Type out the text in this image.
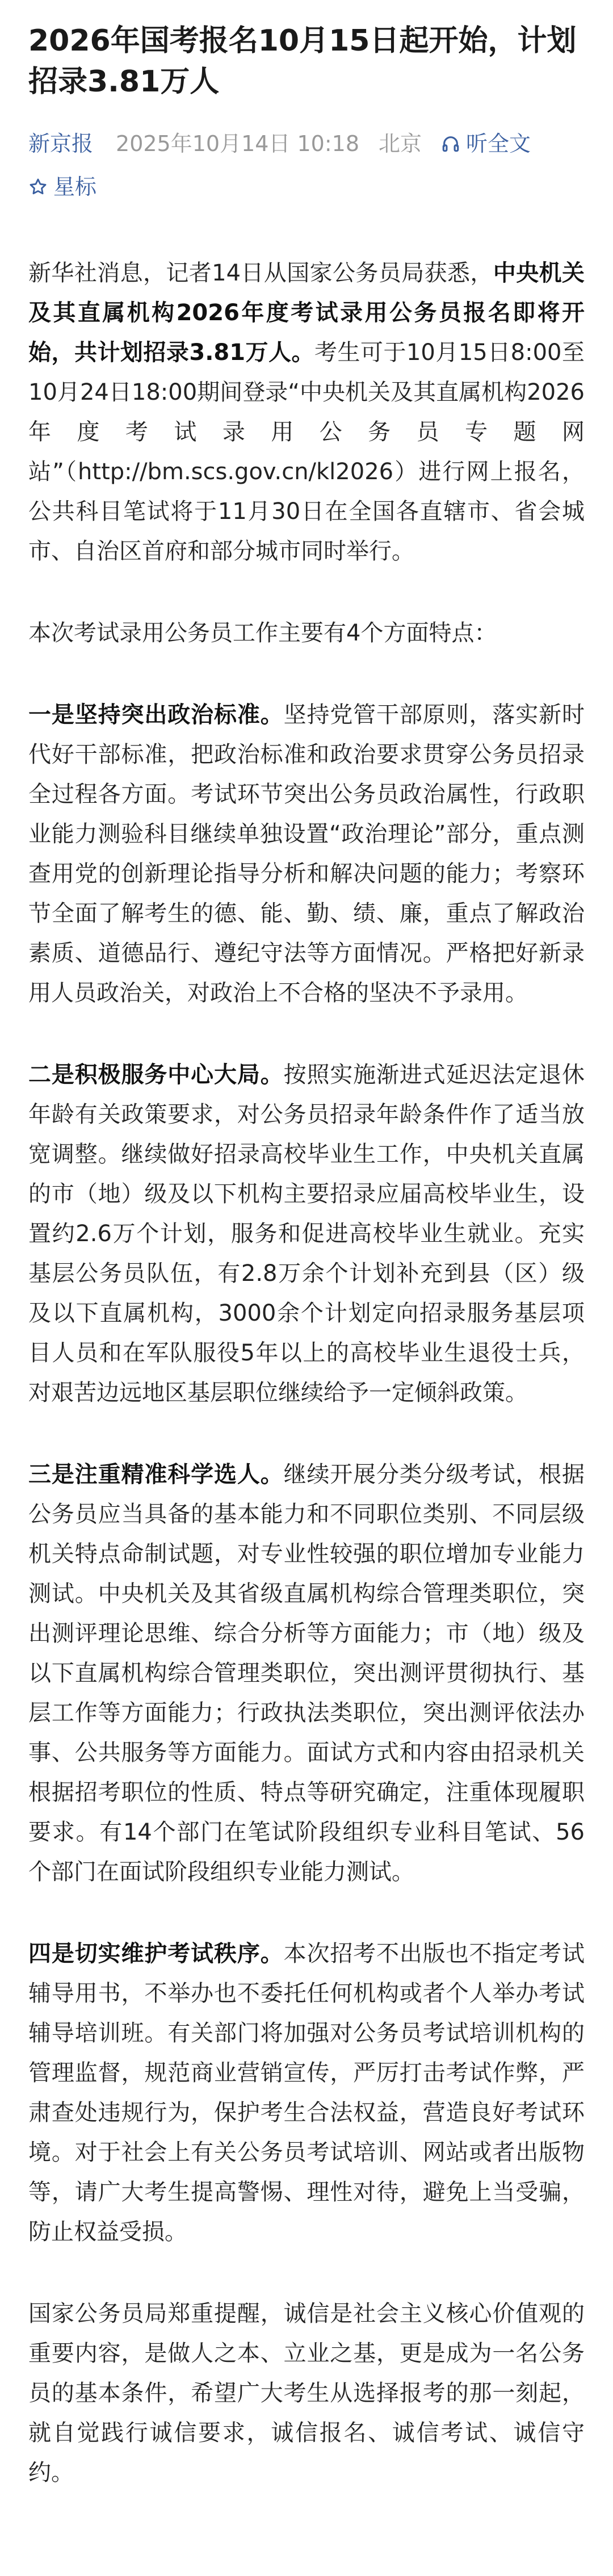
2026年国考报名10月15日起开始，计划招录3.81万人
新京报 2025年10月14日 10:18 北京 听全文
星标

新华社消息，记者14日从国家公务员局获悉，中央机关及其直属机构2026年度考试录用公务员报名即将开始，共计划招录3.81万人。考生可于10月15日8:00至10月24日18:00期间登录“中央机关及其直属机构2026年度考试录用公务员专题网站”（http://bm.scs.gov.cn/kl2026）进行网上报名，公共科目笔试将于11月30日在全国各直辖市、省会城市、自治区首府和部分城市同时举行。

本次考试录用公务员工作主要有4个方面特点：

一是坚持突出政治标准。坚持党管干部原则，落实新时代好干部标准，把政治标准和政治要求贯穿公务员招录全过程各方面。考试环节突出公务员政治属性，行政职业能力测验科目继续单独设置“政治理论”部分，重点测查用党的创新理论指导分析和解决问题的能力；考察环节全面了解考生的德、能、勤、绩、廉，重点了解政治素质、道德品行、遵纪守法等方面情况。严格把好新录用人员政治关，对政治上不合格的坚决不予录用。

二是积极服务中心大局。按照实施渐进式延迟法定退休年龄有关政策要求，对公务员招录年龄条件作了适当放宽调整。继续做好招录高校毕业生工作，中央机关直属的市（地）级及以下机构主要招录应届高校毕业生，设置约2.6万个计划，服务和促进高校毕业生就业。充实基层公务员队伍，有2.8万余个计划补充到县（区）级及以下直属机构，3000余个计划定向招录服务基层项目人员和在军队服役5年以上的高校毕业生退役士兵，对艰苦边远地区基层职位继续给予一定倾斜政策。

三是注重精准科学选人。继续开展分类分级考试，根据公务员应当具备的基本能力和不同职位类别、不同层级机关特点命制试题，对专业性较强的职位增加专业能力测试。中央机关及其省级直属机构综合管理类职位，突出测评理论思维、综合分析等方面能力；市（地）级及以下直属机构综合管理类职位，突出测评贯彻执行、基层工作等方面能力；行政执法类职位，突出测评依法办事、公共服务等方面能力。面试方式和内容由招录机关根据招考职位的性质、特点等研究确定，注重体现履职要求。有14个部门在笔试阶段组织专业科目笔试、56个部门在面试阶段组织专业能力测试。

四是切实维护考试秩序。本次招考不出版也不指定考试辅导用书，不举办也不委托任何机构或者个人举办考试辅导培训班。有关部门将加强对公务员考试培训机构的管理监督，规范商业营销宣传，严厉打击考试作弊，严肃查处违规行为，保护考生合法权益，营造良好考试环境。对于社会上有关公务员考试培训、网站或者出版物等，请广大考生提高警惕、理性对待，避免上当受骗，防止权益受损。

国家公务员局郑重提醒，诚信是社会主义核心价值观的重要内容，是做人之本、立业之基，更是成为一名公务员的基本条件，希望广大考生从选择报考的那一刻起，就自觉践行诚信要求，诚信报名、诚信考试、诚信守约。
